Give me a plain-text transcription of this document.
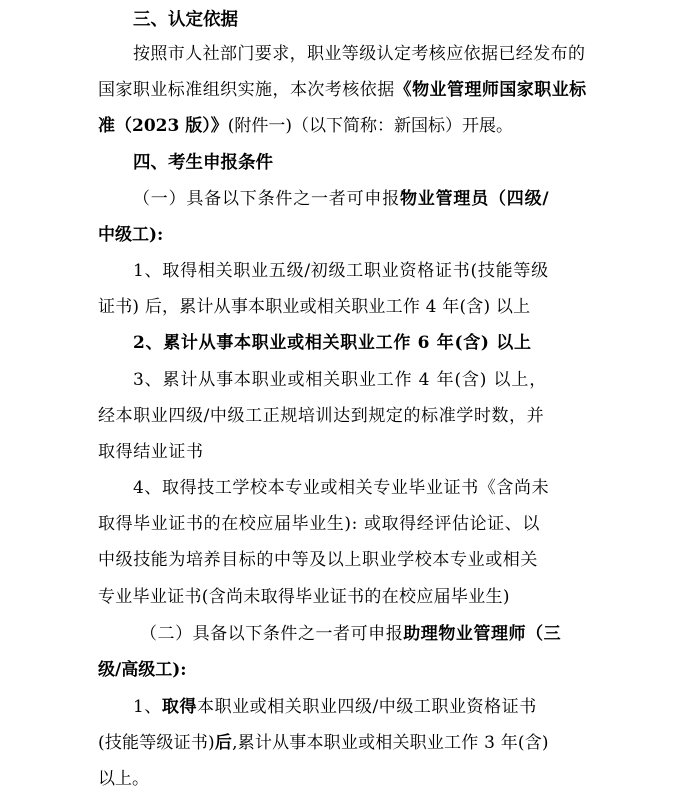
三、认定依据
按照市人社部门要求，职业等级认定考核应依据已经发布的
国家职业标准组织实施，本次考核依据《物业管理师国家职业标
准（2023 版）》(附件一)（以下简称：新国标）开展。
四、考生申报条件
（一）具备以下条件之一者可申报物业管理员（四级/
中级工):
1、取得相关职业五级/初级工职业资格证书(技能等级
证书) 后，累计从事本职业或相关职业工作 4 年(含) 以上
2、累计从事本职业或相关职业工作 6 年(含) 以上
3、累计从事本职业或相关职业工作 4 年(含) 以上，
经本职业四级/中级工正规培训达到规定的标准学时数，并
取得结业证书
4、取得技工学校本专业或相关专业毕业证书《含尚未
取得毕业证书的在校应届毕业生): 或取得经评估论证、以
中级技能为培养目标的中等及以上职业学校本专业或相关
专业毕业证书(含尚未取得毕业证书的在校应届毕业生)
（二）具备以下条件之一者可申报助理物业管理师（三
级/高级工):
1、取得本职业或相关职业四级/中级工职业资格证书
(技能等级证书)后,累计从事本职业或相关职业工作 3 年(含)
以上。
